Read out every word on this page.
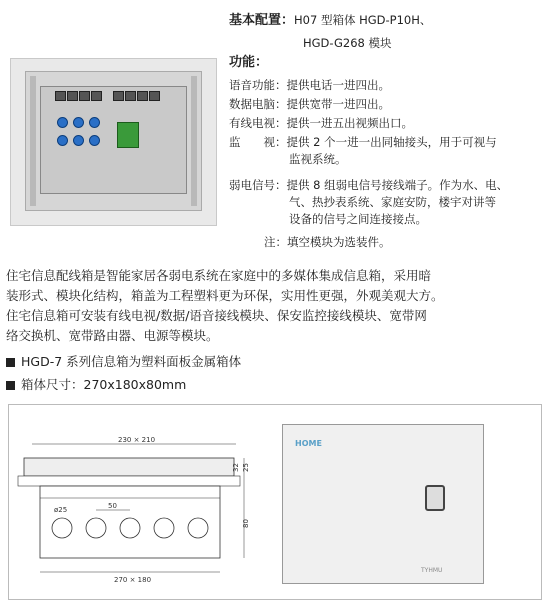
基本配置：H07 型箱体 HGD-P10H、
HGD-G268 模块
功能：
语音功能：提供电话一进四出。
数据电脑：提供宽带一进四出。
有线电视：提供一进五出视频出口。
监　　视：提供 2 个一进一出同轴接头，用于可视与
监视系统。
弱电信号：提供 8 组弱电信号接线端子。作为水、电、
气、热抄表系统、家庭安防，楼宇对讲等
设备的信号之间连接接点。
注：填空模块为选装件。

住宅信息配线箱是智能家居各弱电系统在家庭中的多媒体集成信息箱，采用暗

装形式、模块化结构，箱盖为工程塑料更为环保，实用性更强，外观美观大方。

住宅信息箱可安装有线电视/数据/语音接线模块、保安监控接线模块、宽带网

络交换机、宽带路由器、电源等模块。

HGD-7 系列信息箱为塑料面板金属箱体
箱体尺寸：270x180x80mm
230 × 210
ø25	50
270 × 180
32 25
80
HOME
TYHMU
